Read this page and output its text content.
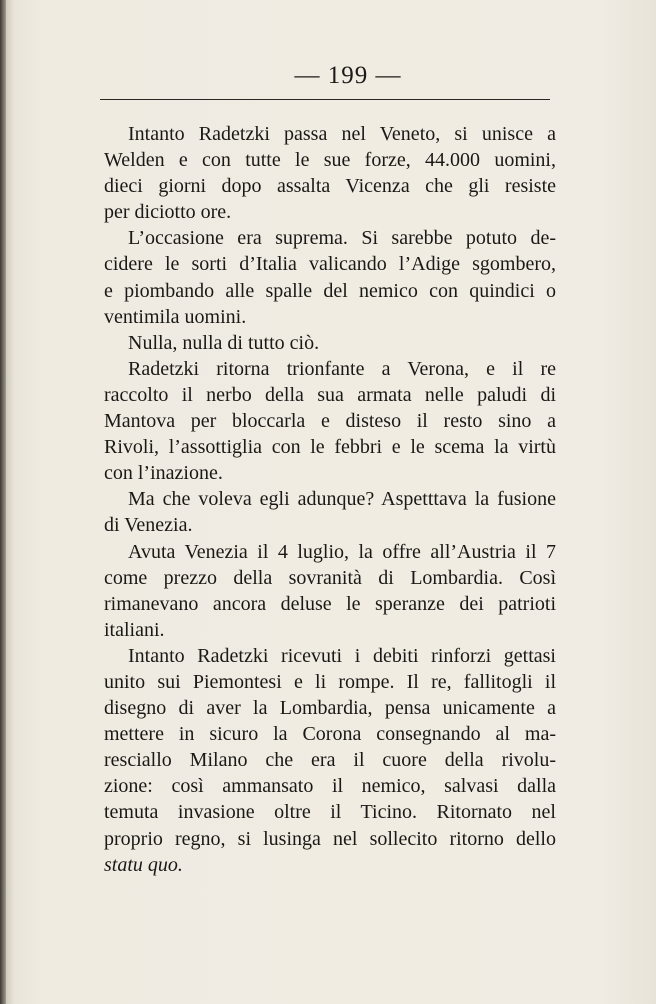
— 199 —
Intanto Radetzki passa nel Veneto, si unisce a
Welden e con tutte le sue forze, 44.000 uomini,
dieci giorni dopo assalta Vicenza che gli resiste
per diciotto ore.
L’occasione era suprema. Si sarebbe potuto de-
cidere le sorti d’Italia valicando l’Adige sgombero,
e piombando alle spalle del nemico con quindici o
ventimila uomini.
Nulla, nulla di tutto ciò.
Radetzki ritorna trionfante a Verona, e il re
raccolto il nerbo della sua armata nelle paludi di
Mantova per bloccarla e disteso il resto sino a
Rivoli, l’assottiglia con le febbri e le scema la virtù
con l’inazione.
Ma che voleva egli adunque? Aspetttava la fusione
di Venezia.
Avuta Venezia il 4 luglio, la offre all’Austria il 7
come prezzo della sovranità di Lombardia. Così
rimanevano ancora deluse le speranze dei patrioti
italiani.
Intanto Radetzki ricevuti i debiti rinforzi gettasi
unito sui Piemontesi e li rompe. Il re, fallitogli il
disegno di aver la Lombardia, pensa unicamente a
mettere in sicuro la Corona consegnando al ma-
resciallo Milano che era il cuore della rivolu-
zione: così ammansato il nemico, salvasi dalla
temuta invasione oltre il Ticino. Ritornato nel
proprio regno, si lusinga nel sollecito ritorno dello
statu quo.
